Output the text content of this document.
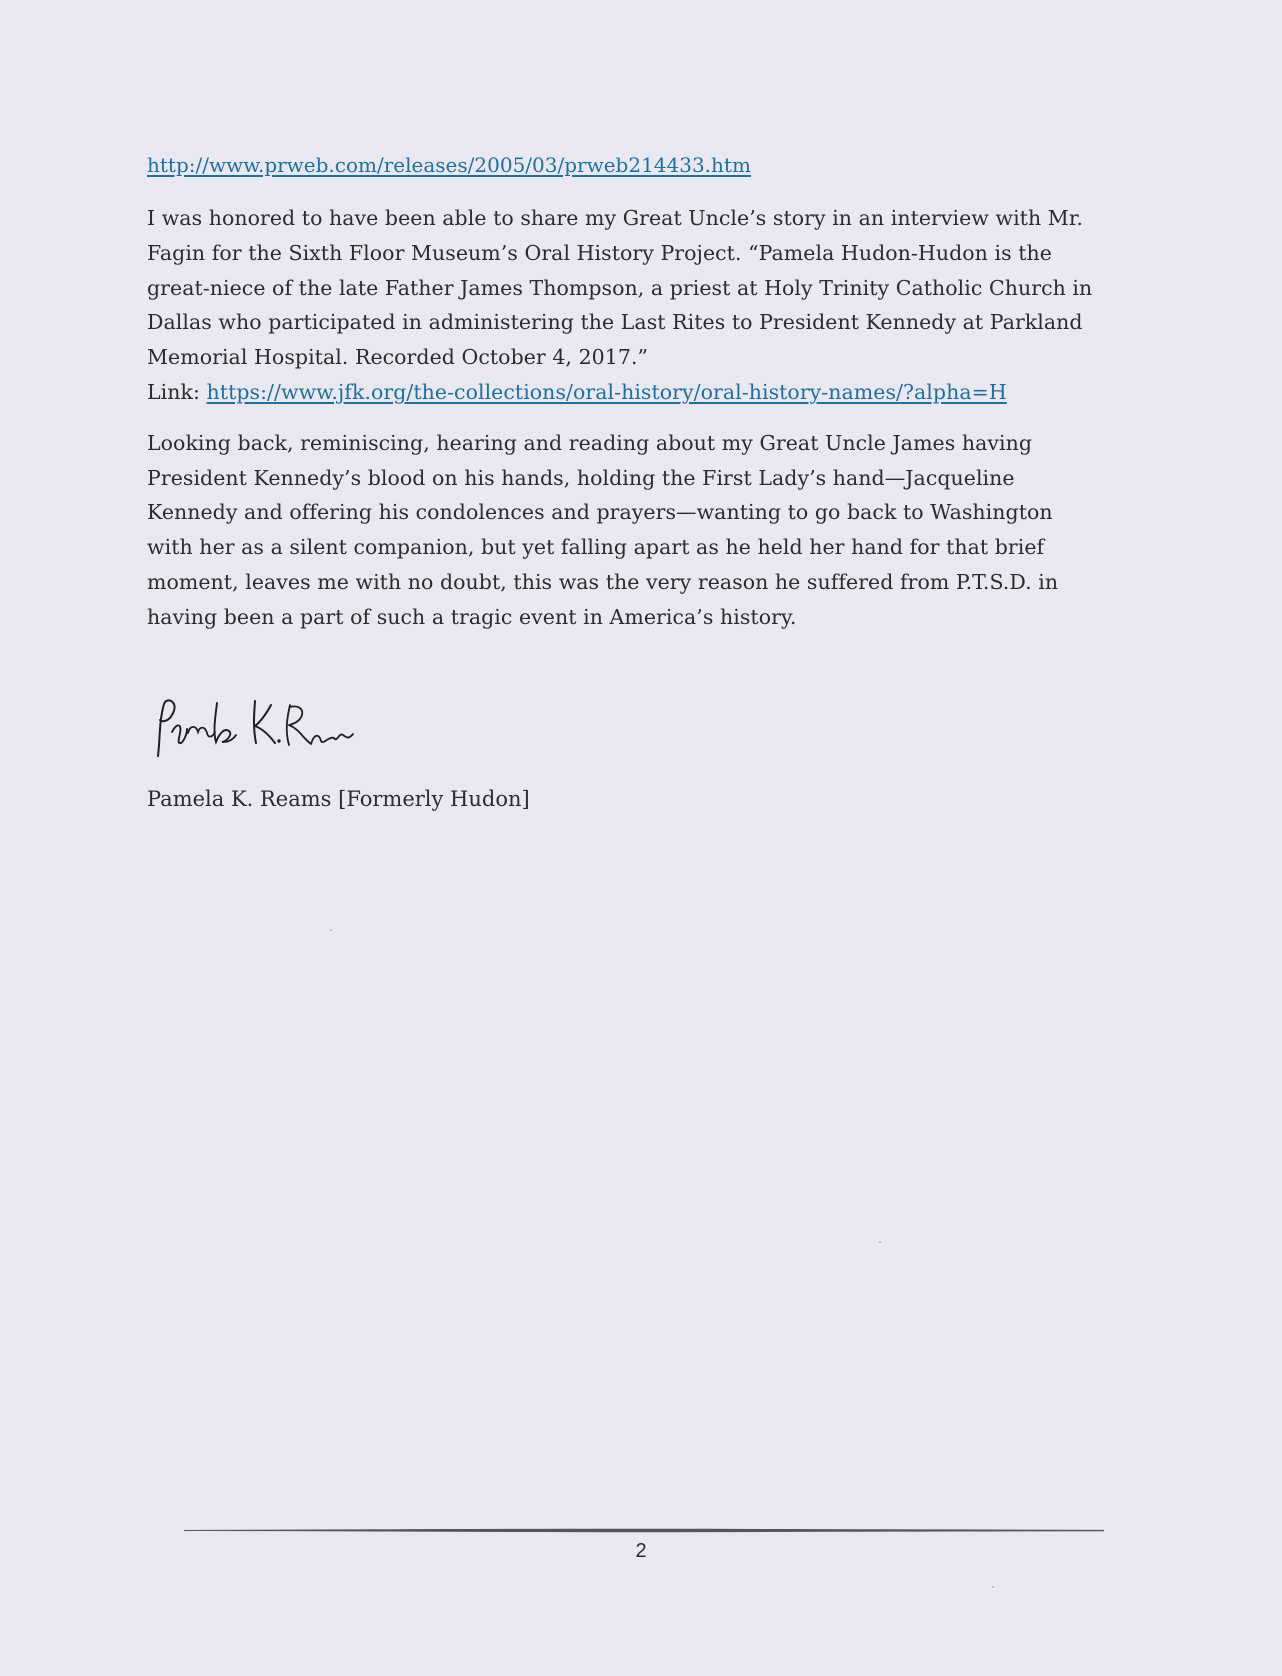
http://www.prweb.com/releases/2005/03/prweb214433.htm

I was honored to have been able to share my Great Uncle’s story in an interview with Mr.
Fagin for the Sixth Floor Museum’s Oral History Project. “Pamela Hudon-Hudon is the
great-niece of the late Father James Thompson, a priest at Holy Trinity Catholic Church in
Dallas who participated in administering the Last Rites to President Kennedy at Parkland
Memorial Hospital. Recorded October 4, 2017.”
Link: https://www.jfk.org/the-collections/oral-history/oral-history-names/?alpha=H

Looking back, reminiscing, hearing and reading about my Great Uncle James having
President Kennedy’s blood on his hands, holding the First Lady’s hand—Jacqueline
Kennedy and offering his condolences and prayers—wanting to go back to Washington
with her as a silent companion, but yet falling apart as he held her hand for that brief
moment, leaves me with no doubt, this was the very reason he suffered from P.T.S.D. in
having been a part of such a tragic event in America’s history.

Pamela K. Reams [Formerly Hudon]
2
